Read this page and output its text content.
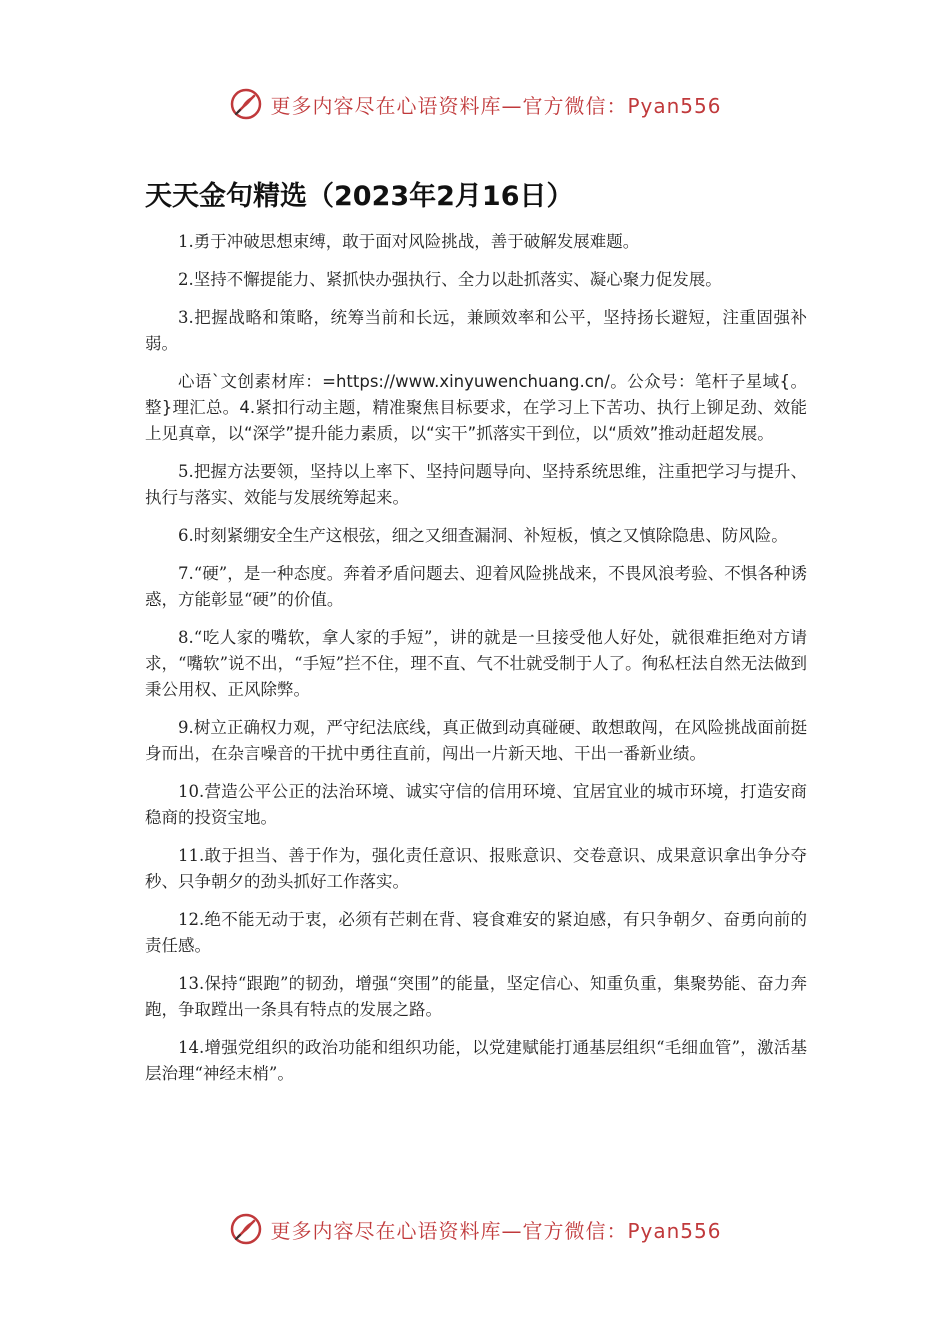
更多内容尽在心语资料库—官方微信：Pyan556
天天金句精选（2023年2月16日）

1.勇于冲破思想束缚，敢于面对风险挑战，善于破解发展难题。

2.坚持不懈提能力、紧抓快办强执行、全力以赴抓落实、凝心聚力促发展。

3.把握战略和策略，统筹当前和长远，兼顾效率和公平，坚持扬长避短，注重固强补弱。

心语`文创素材库：=https://www.xinyuwenchuang.cn/。公众号：笔杆子星域{。整}理汇总。4.紧扣行动主题，精准聚焦目标要求，在学习上下苦功、执行上铆足劲、效能上见真章，以“深学”提升能力素质，以“实干”抓落实干到位，以“质效”推动赶超发展。

5.把握方法要领，坚持以上率下、坚持问题导向、坚持系统思维，注重把学习与提升、执行与落实、效能与发展统筹起来。

6.时刻紧绷安全生产这根弦，细之又细查漏洞、补短板，慎之又慎除隐患、防风险。

7.“硬”，是一种态度。奔着矛盾问题去、迎着风险挑战来，不畏风浪考验、不惧各种诱惑，方能彰显“硬”的价值。

8.“吃人家的嘴软，拿人家的手短”，讲的就是一旦接受他人好处，就很难拒绝对方请求，“嘴软”说不出，“手短”拦不住，理不直、气不壮就受制于人了。徇私枉法自然无法做到秉公用权、正风除弊。

9.树立正确权力观，严守纪法底线，真正做到动真碰硬、敢想敢闯，在风险挑战面前挺身而出，在杂言噪音的干扰中勇往直前，闯出一片新天地、干出一番新业绩。

10.营造公平公正的法治环境、诚实守信的信用环境、宜居宜业的城市环境，打造安商稳商的投资宝地。

11.敢于担当、善于作为，强化责任意识、报账意识、交卷意识、成果意识拿出争分夺秒、只争朝夕的劲头抓好工作落实。

12.绝不能无动于衷，必须有芒刺在背、寝食难安的紧迫感，有只争朝夕、奋勇向前的责任感。

13.保持“跟跑”的韧劲，增强“突围”的能量，坚定信心、知重负重，集聚势能、奋力奔跑，争取蹚出一条具有特点的发展之路。

14.增强党组织的政治功能和组织功能，以党建赋能打通基层组织“毛细血管”，激活基层治理“神经末梢”。

更多内容尽在心语资料库—官方微信：Pyan556
